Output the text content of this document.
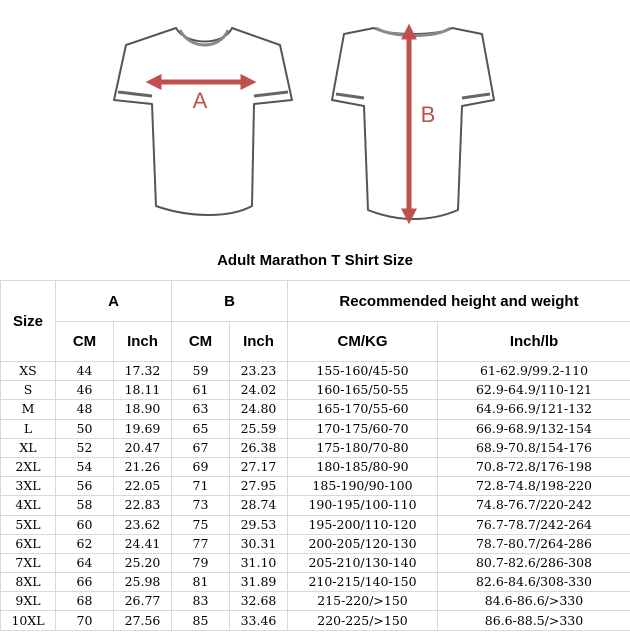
A
B
Adult Marathon T Shirt Size
Size	A		B		Recommended height and weight	
	CM	Inch	CM	Inch	CM/KG	Inch/lb
XS	44	17.32	59	23.23	155-160/45-50	61-62.9/99.2-110
S	46	18.11	61	24.02	160-165/50-55	62.9-64.9/110-121
M	48	18.90	63	24.80	165-170/55-60	64.9-66.9/121-132
L	50	19.69	65	25.59	170-175/60-70	66.9-68.9/132-154
XL	52	20.47	67	26.38	175-180/70-80	68.9-70.8/154-176
2XL	54	21.26	69	27.17	180-185/80-90	70.8-72.8/176-198
3XL	56	22.05	71	27.95	185-190/90-100	72.8-74.8/198-220
4XL	58	22.83	73	28.74	190-195/100-110	74.8-76.7/220-242
5XL	60	23.62	75	29.53	195-200/110-120	76.7-78.7/242-264
6XL	62	24.41	77	30.31	200-205/120-130	78.7-80.7/264-286
7XL	64	25.20	79	31.10	205-210/130-140	80.7-82.6/286-308
8XL	66	25.98	81	31.89	210-215/140-150	82.6-84.6/308-330
9XL	68	26.77	83	32.68	215-220/>150	84.6-86.6/>330
10XL	70	27.56	85	33.46	220-225/>150	86.6-88.5/>330
